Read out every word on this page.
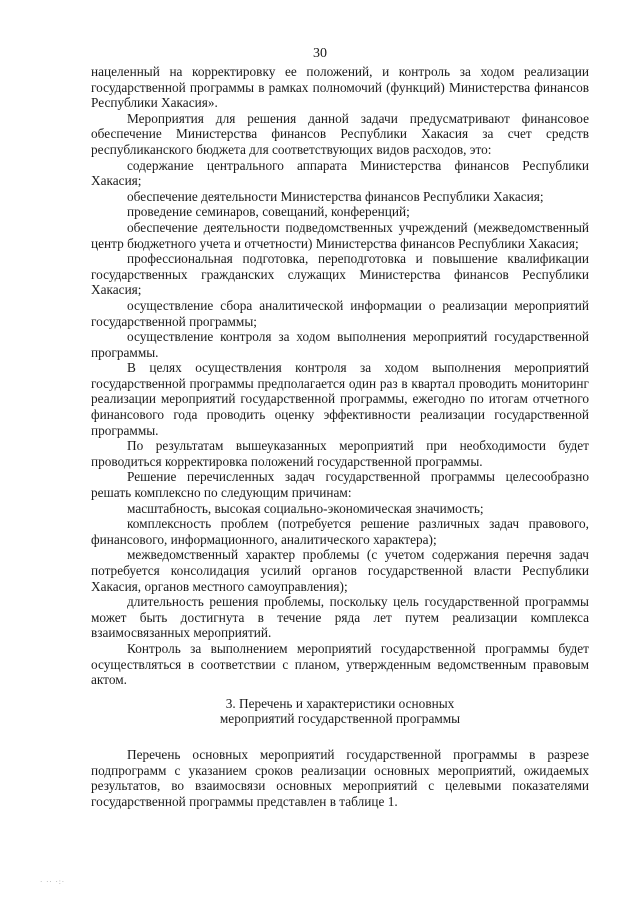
30

нацеленный на корректировку ее положений, и контроль за ходом реализации государственной программы в рамках полномочий (функций) Министерства финансов Республики Хакасия».

Мероприятия для решения данной задачи предусматривают финансовое обеспечение Министерства финансов Республики Хакасия за счет средств республиканского бюджета для соответствующих видов расходов, это:

содержание центрального аппарата Министерства финансов Республики Хакасия;

обеспечение деятельности Министерства финансов Республики Хакасия;

проведение семинаров, совещаний, конференций;

обеспечение деятельности подведомственных учреждений (межведомственный центр бюджетного учета и отчетности) Министерства финансов Республики Хакасия;

профессиональная подготовка, переподготовка и повышение квалификации государственных гражданских служащих Министерства финансов Республики Хакасия;

осуществление сбора аналитической информации о реализации мероприятий государственной программы;

осуществление контроля за ходом выполнения мероприятий государственной программы.

В целях осуществления контроля за ходом выполнения мероприятий государственной программы предполагается один раз в квартал проводить мониторинг реализации мероприятий государственной программы, ежегодно по итогам отчетного финансового года проводить оценку эффективности реализации государственной программы.

По результатам вышеуказанных мероприятий при необходимости будет проводиться корректировка положений государственной программы.

Решение перечисленных задач государственной программы целесообразно решать комплексно по следующим причинам:

масштабность, высокая социально-экономическая значимость;

комплексность проблем (потребуется решение различных задач правового, финансового, информационного, аналитического характера);

межведомственный характер проблемы (с учетом содержания перечня задач потребуется консолидация усилий органов государственной власти Республики Хакасия, органов местного самоуправления);

длительность решения проблемы, поскольку цель государственной программы может быть достигнута в течение ряда лет путем реализации комплекса взаимосвязанных мероприятий.

Контроль за выполнением мероприятий государственной программы будет осуществляться в соответствии с планом, утвержденным ведомственным правовым актом.

3. Перечень и характеристики основных
мероприятий государственной программы

Перечень основных мероприятий государственной программы в разрезе подпрограмм с указанием сроков реализации основных мероприятий, ожидаемых результатов, во взаимосвязи основных мероприятий с целевыми показателями государственной программы представлен в таблице 1.

· ·· ·:·
